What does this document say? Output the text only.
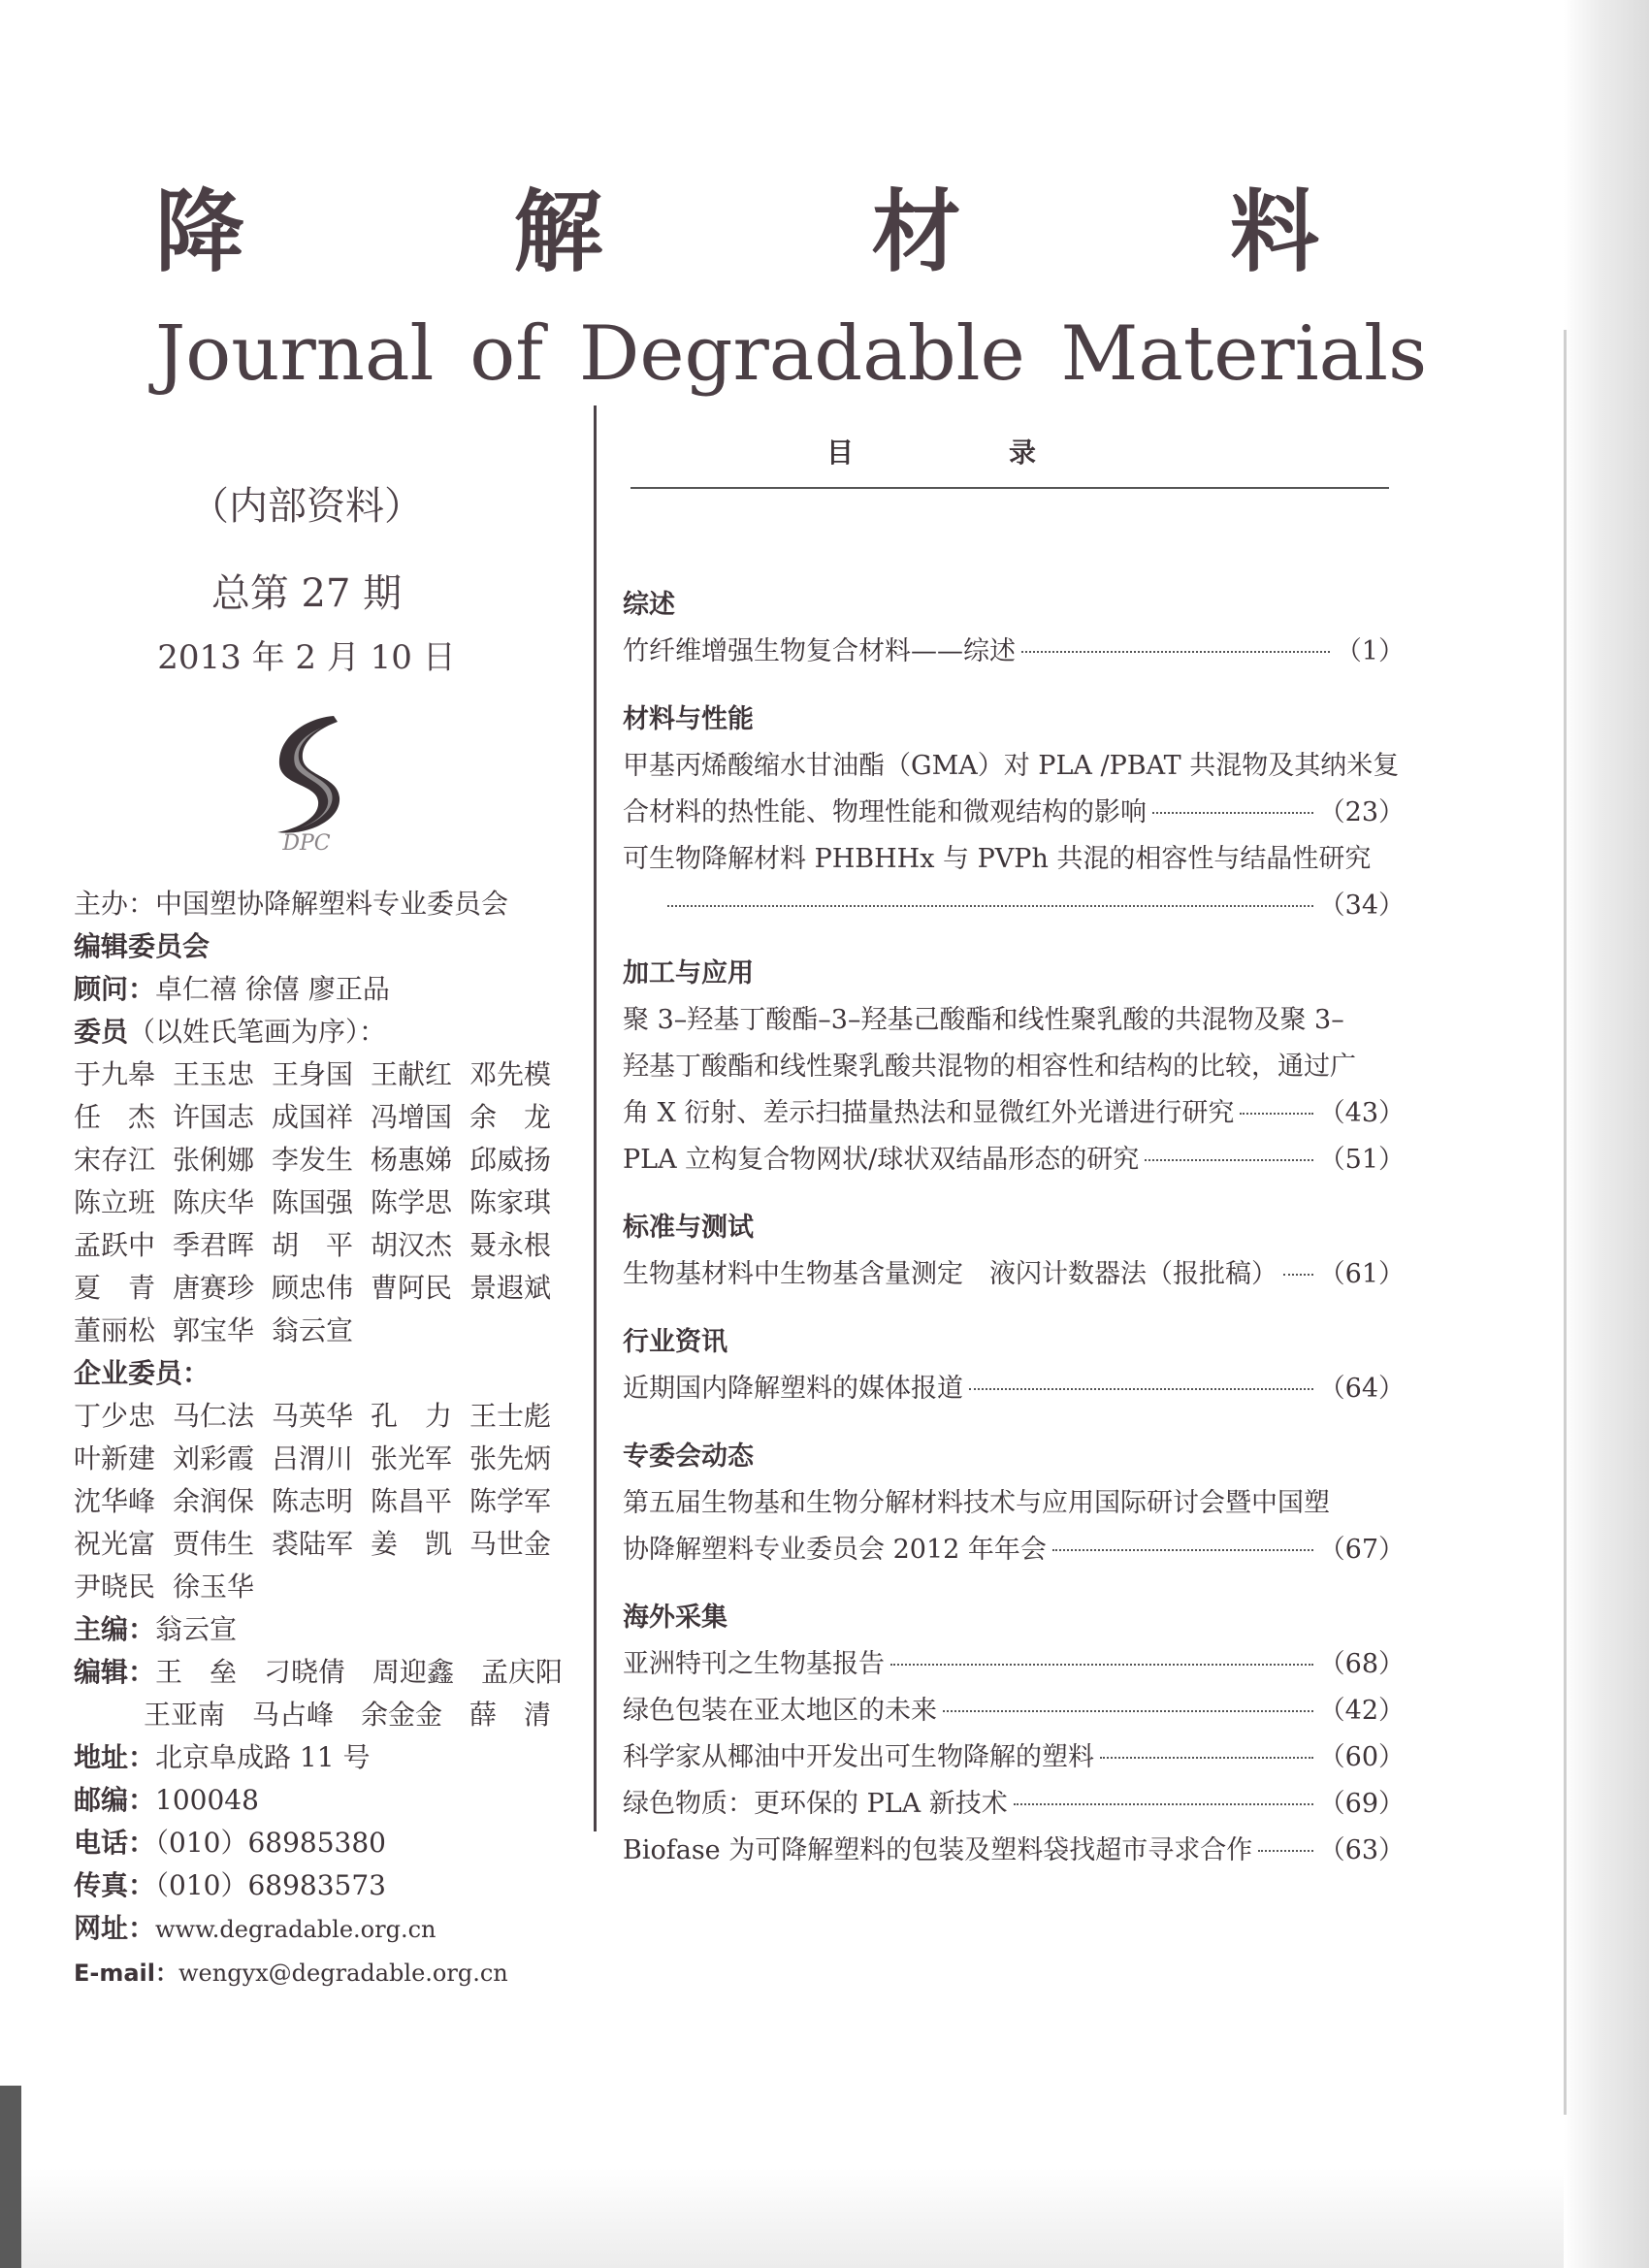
降	解	材	料
Journal of Degradable Materials
（内部资料）
总第 27 期
2013 年 2 月 10 日
DPC
主办：中国塑协降解塑料专业委员会
编辑委员会
顾问：卓仁禧 徐僖 廖正品
委员（以姓氏笔画为序）：
于九皋 王玉忠 王身国 王献红 邓先模
任　杰 许国志 成国祥 冯增国 余　龙
宋存江 张俐娜 李发生 杨惠娣 邱威扬
陈立班 陈庆华 陈国强 陈学思 陈家琪
孟跃中 季君晖 胡　平 胡汉杰 聂永根
夏　青 唐赛珍 顾忠伟 曹阿民 景遐斌
董丽松 郭宝华 翁云宣
企业委员：
丁少忠 马仁法 马英华 孔　力 王士彪
叶新建 刘彩霞 吕渭川 张光军 张先炳
沈华峰 余润保 陈志明 陈昌平 陈学军
祝光富 贾伟生 裘陆军 姜　凯 马世金
尹晓民 徐玉华
主编：翁云宣
编辑：王　垒　刁晓倩　周迎鑫　孟庆阳
王亚南　马占峰　余金金　薛　清
地址：北京阜成路 11 号
邮编：100048
电话：（010）68985380
传真：（010）68983573
网址：www.degradable.org.cn
E-mail：wengyx@degradable.org.cn
目录
综述
竹纤维增强生物复合材料——综述	（1）
材料与性能
甲基丙烯酸缩水甘油酯（GMA）对 PLA /PBAT 共混物及其纳米复
合材料的热性能、物理性能和微观结构的影响	（23）
可生物降解材料 PHBHHx 与 PVPh 共混的相容性与结晶性研究
（34）
加工与应用
聚 3–羟基丁酸酯–3–羟基己酸酯和线性聚乳酸的共混物及聚 3–
羟基丁酸酯和线性聚乳酸共混物的相容性和结构的比较，通过广
角 X 衍射、差示扫描量热法和显微红外光谱进行研究	（43）
PLA 立构复合物网状/球状双结晶形态的研究	（51）
标准与测试
生物基材料中生物基含量测定　液闪计数器法（报批稿） （61）
行业资讯
近期国内降解塑料的媒体报道	（64）
专委会动态
第五届生物基和生物分解材料技术与应用国际研讨会暨中国塑
协降解塑料专业委员会 2012 年年会	（67）
海外采集
亚洲特刊之生物基报告	（68）
绿色包装在亚太地区的未来	（42）
科学家从椰油中开发出可生物降解的塑料	（60）
绿色物质：更环保的 PLA 新技术	（69）
Biofase 为可降解塑料的包装及塑料袋找超市寻求合作	（63）
